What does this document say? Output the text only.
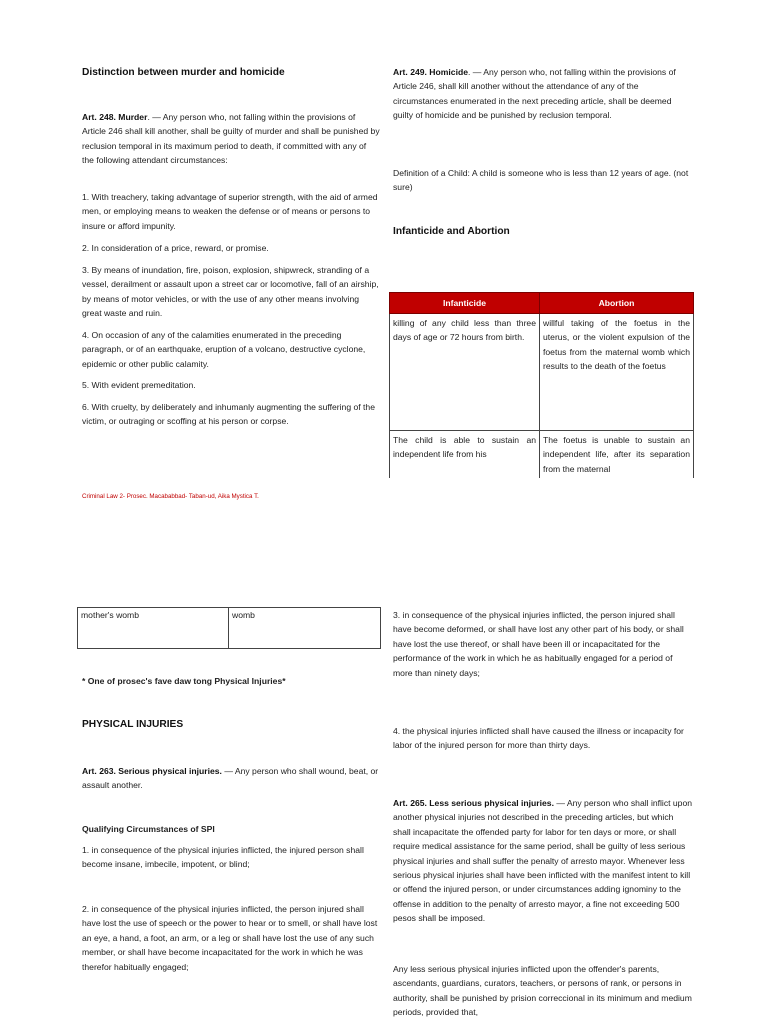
Distinction between murder and homicide

Art. 248. Murder. — Any person who, not falling within the provisions of Article 246 shall kill another, shall be guilty of murder and shall be punished by reclusion temporal in its maximum period to death, if committed with any of the following attendant circumstances:

1. With treachery, taking advantage of superior strength, with the aid of armed men, or employing means to weaken the defense or of means or persons to insure or afford impunity.
2. In consideration of a price, reward, or promise.
3. By means of inundation, fire, poison, explosion, shipwreck, stranding of a vessel, derailment or assault upon a street car or locomotive, fall of an airship, by means of motor vehicles, or with the use of any other means involving great waste and ruin.
4. On occasion of any of the calamities enumerated in the preceding paragraph, or of an earthquake, eruption of a volcano, destructive cyclone, epidemic or other public calamity.
5. With evident premeditation.
6. With cruelty, by deliberately and inhumanly augmenting the suffering of the victim, or outraging or scoffing at his person or corpse.
Criminal Law 2- Prosec. Macababbad- Taban-ud, Aika Mystica T.

Art. 249. Homicide. — Any person who, not falling within the provisions of Article 246, shall kill another without the attendance of any of the circumstances enumerated in the next preceding article, shall be deemed guilty of homicide and be punished by reclusion temporal.

Definition of a Child: A child is someone who is less than 12 years of age. (not sure)
Infanticide and Abortion
Infanticide	Abortion
killing of any child less than three days of age or 72 hours from birth.	willful taking of the foetus in the uterus, or the violent expulsion of the foetus from the maternal womb which results to the death of the foetus
The child is able to sustain an independent life from his	The foetus is unable to sustain an independent life, after its separation from the maternal
mother's womb	womb
* One of prosec's fave daw tong Physical Injuries*
PHYSICAL INJURIES

Art. 263. Serious physical injuries. — Any person who shall wound, beat, or assault another.

Qualifying Circumstances of SPI
1. in consequence of the physical injuries inflicted, the injured person shall become insane, imbecile, impotent, or blind;
2. in consequence of the physical injuries inflicted, the person injured shall have lost the use of speech or the power to hear or to smell, or shall have lost an eye, a hand, a foot, an arm, or a leg or shall have lost the use of any such member, or shall have become incapacitated for the work in which he was therefor habitually engaged;
3. in consequence of the physical injuries inflicted, the person injured shall have become deformed, or shall have lost any other part of his body, or shall have lost the use thereof, or shall have been ill or incapacitated for the performance of the work in which he as habitually engaged for a period of more than ninety days;
4. the physical injuries inflicted shall have caused the illness or incapacity for labor of the injured person for more than thirty days.

Art. 265. Less serious physical injuries. — Any person who shall inflict upon another physical injuries not described in the preceding articles, but which shall incapacitate the offended party for labor for ten days or more, or shall require medical assistance for the same period, shall be guilty of less serious physical injuries and shall suffer the penalty of arresto mayor. Whenever less serious physical injuries shall have been inflicted with the manifest intent to kill or offend the injured person, or under circumstances adding ignominy to the offense in addition to the penalty of arresto mayor, a fine not exceeding 500 pesos shall be imposed.

Any less serious physical injuries inflicted upon the offender's parents, ascendants, guardians, curators, teachers, or persons of rank, or persons in authority, shall be punished by prision correccional in its minimum and medium periods, provided that,
